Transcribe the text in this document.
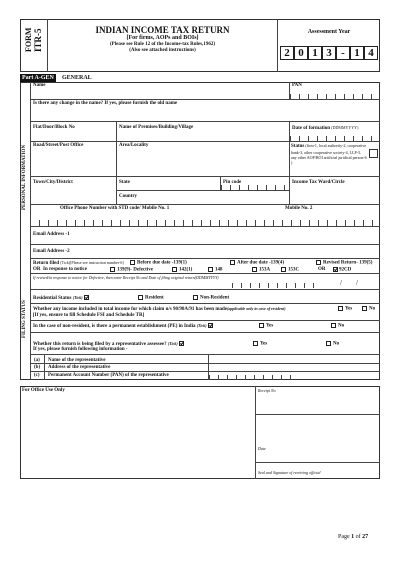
FORM ITR-5	INDIAN INCOME TAX RETURN
[For firms, AOPs and BOIs]
(Please see Rule 12 of the Income-tax Rules,1962)
(Also see attached instructions)
Assessment Year
2 0 1 3 - 1 4
Part A-GEN	GENERAL
PERSONAL INFORMATION
FILING STATUS
Name	PAN
Is there any change in the name? If yes, please furnish the old name
Flat/Door/Block No	Name of Premises/Building/Village	Date of formation (DDMMYYYY)
Road/Street/Post Office	Area/Locality	Status (firm-1, local authority-2, cooperative bank-3, other cooperative society-4, LLP-5, any other AOP/BOI artificial juridical person-6 )
Town/City/District	State	Pin code	Income Tax Ward/Circle
Country
Office Phone Number with STD code/ Mobile No. 1	Mobile No. 2
Email Address -1
Email Address -2
Return filed (Tick)[Please see instruction number-6]	Before due date -139(1)	After due date -139(4)	Revised Return- 139(5)
OR In response to notice	139(9)- Defective	142(1)	148	153A	153C	OR	92CD
If revised/in response to notice for Defective, then enter Receipt No and Date of filing original return(DDMMYYYY)
/ /
Residential Status (Tick)	Resident	Non-Resident
Whether any income included in total income for which claim u/s 90/90A/91 has been made(applicable only in case of resident)	Yes	No
[If yes, ensure to fill Schedule FSI and Schedule TR]
In the case of non-resident, is there a permanent establishment (PE) in India (Tick)	Yes	No
Whether this return is being filed by a representative assessee? (Tick)	Yes	No
If yes, please furnish following information -
(a) Name of the representative
(b) Address of the representative
(c) Permanent Account Number (PAN) of the representative
For Office Use Only	Receipt No
Date
Seal and Signature of receiving official
Page 1 of 27
